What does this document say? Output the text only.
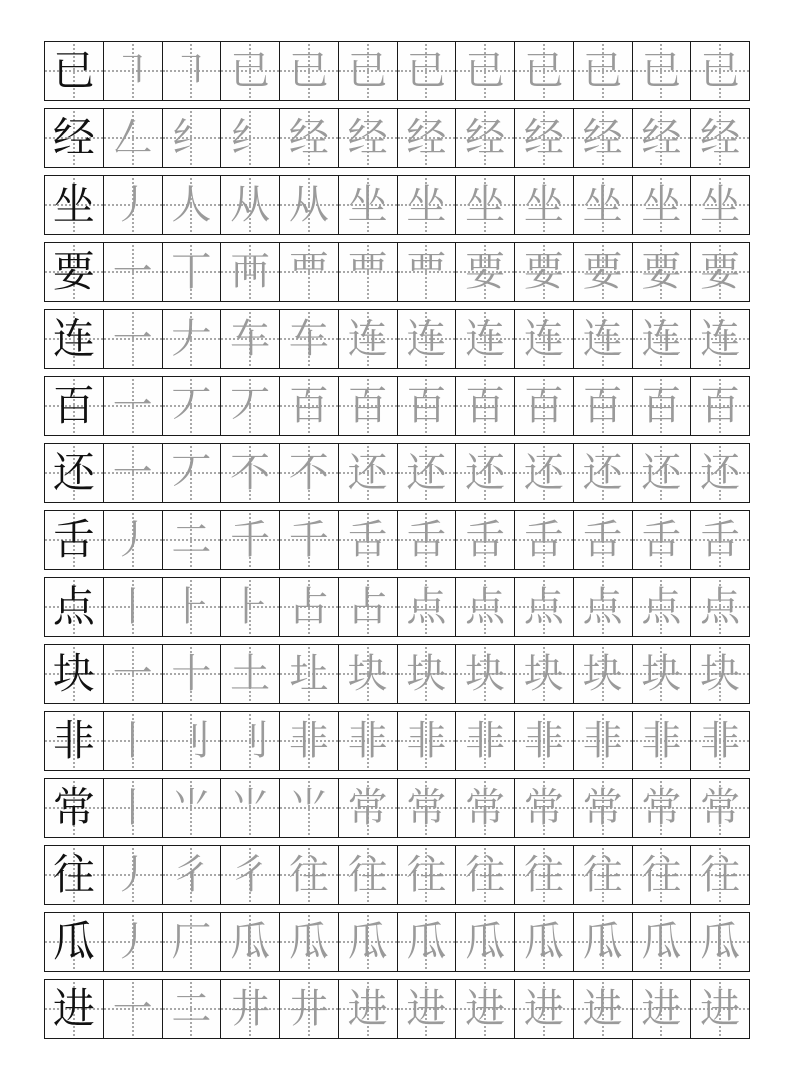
已 ㇕ ㇕ 已 已 已 已 已 已 已 已 已
经 𠃋 纟 纟 经 经 经 经 经 经 经 经
坐 丿 人 从 从 坐 坐 坐 坐 坐 坐 坐
要 一 丅 襾 覀 覀 覀 要 要 要 要 要
连 一 𠂇 车 车 连 连 连 连 连 连 连
百 一 丆 丆 百 百 百 百 百 百 百 百
还 一 丆 不 不 还 还 还 还 还 还 还
舌 丿 二 千 千 舌 舌 舌 舌 舌 舌 舌
点 丨 ⺊ ⺊ 占 占 点 点 点 点 点 点
块 一 十 土 圵 块 块 块 块 块 块 块
非 丨 刂 刂 非 非 非 非 非 非 非 非
常 丨 ⺌ ⺌ ⺌ 常 常 常 常 常 常 常
往 丿 彳 彳 往 往 往 往 往 往 往 往
瓜 丿 厂 瓜 瓜 瓜 瓜 瓜 瓜 瓜 瓜 瓜
进 一 二 井 井 进 进 进 进 进 进 进
